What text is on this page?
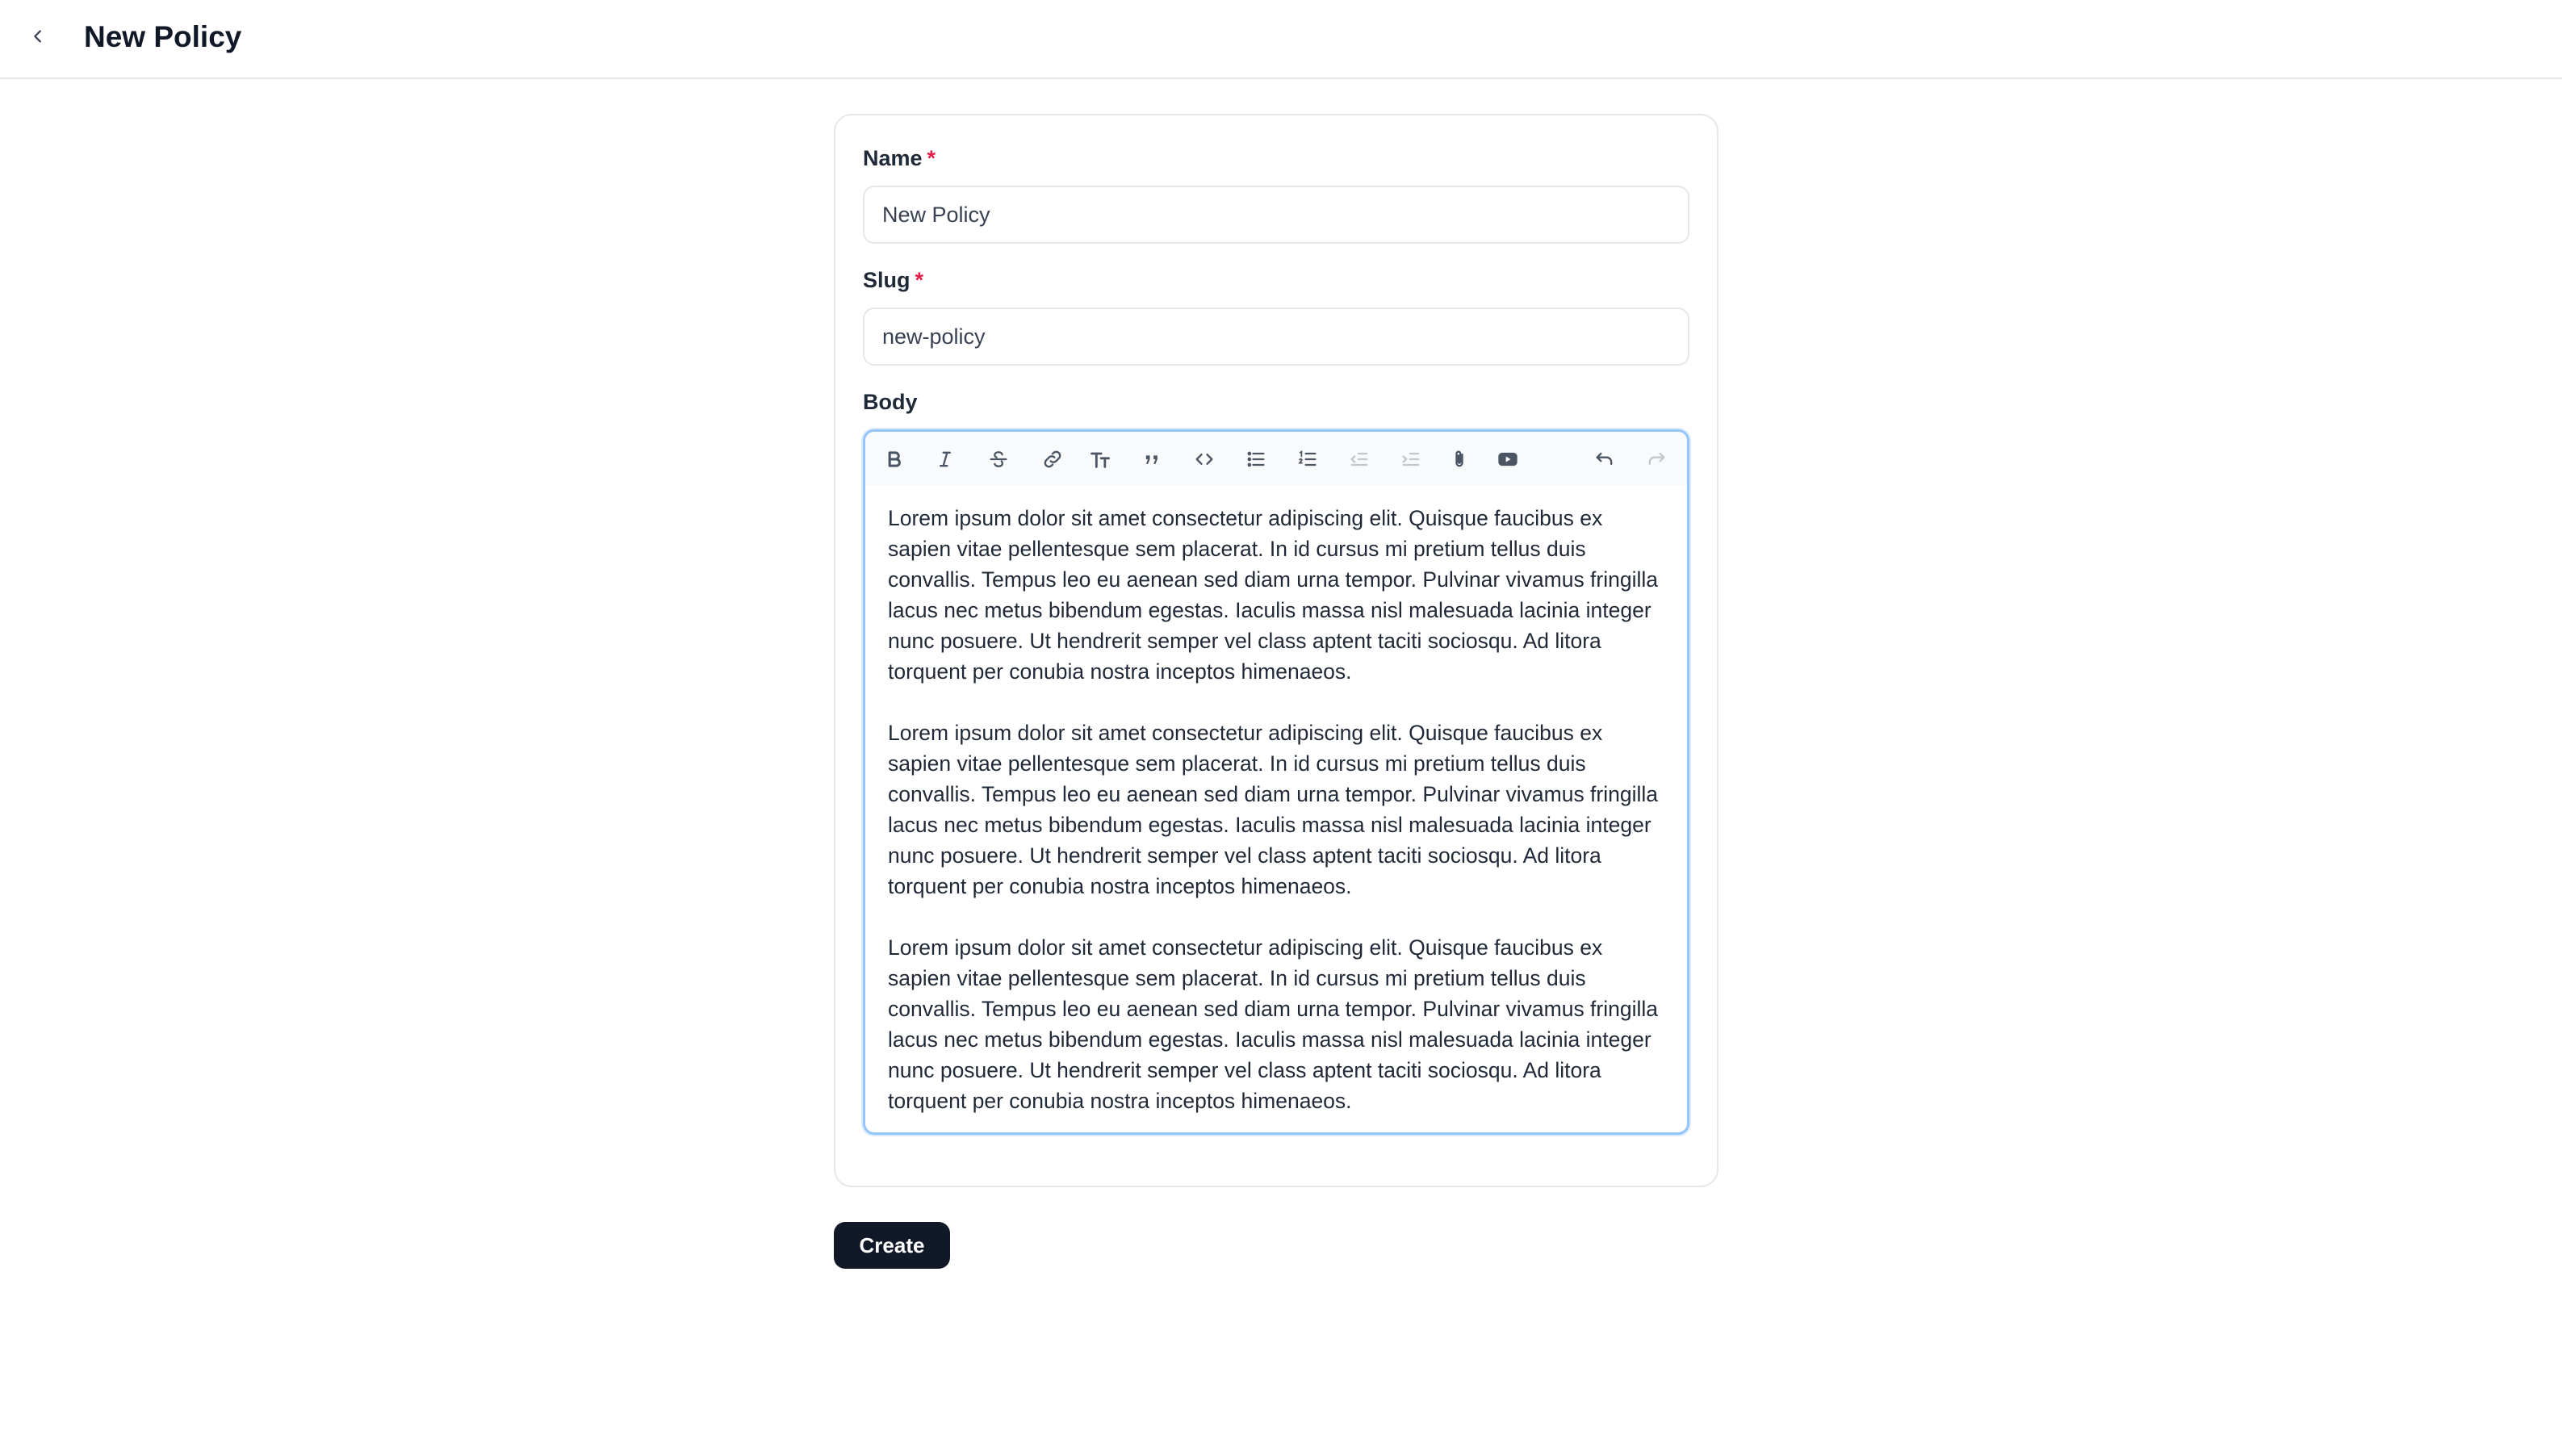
New Policy
Name *
New Policy
Slug *
new-policy
Body

Lorem ipsum dolor sit amet consectetur adipiscing elit. Quisque faucibus ex sapien vitae pellentesque sem placerat. In id cursus mi pretium tellus duis convallis. Tempus leo eu aenean sed diam urna tempor. Pulvinar vivamus fringilla lacus nec metus bibendum egestas. Iaculis massa nisl malesuada lacinia integer nunc posuere. Ut hendrerit semper vel class aptent taciti sociosqu. Ad litora torquent per conubia nostra inceptos himenaeos.

Lorem ipsum dolor sit amet consectetur adipiscing elit. Quisque faucibus ex sapien vitae pellentesque sem placerat. In id cursus mi pretium tellus duis convallis. Tempus leo eu aenean sed diam urna tempor. Pulvinar vivamus fringilla lacus nec metus bibendum egestas. Iaculis massa nisl malesuada lacinia integer nunc posuere. Ut hendrerit semper vel class aptent taciti sociosqu. Ad litora torquent per conubia nostra inceptos himenaeos.

Lorem ipsum dolor sit amet consectetur adipiscing elit. Quisque faucibus ex sapien vitae pellentesque sem placerat. In id cursus mi pretium tellus duis convallis. Tempus leo eu aenean sed diam urna tempor. Pulvinar vivamus fringilla lacus nec metus bibendum egestas. Iaculis massa nisl malesuada lacinia integer nunc posuere. Ut hendrerit semper vel class aptent taciti sociosqu. Ad litora torquent per conubia nostra inceptos himenaeos.

Create
